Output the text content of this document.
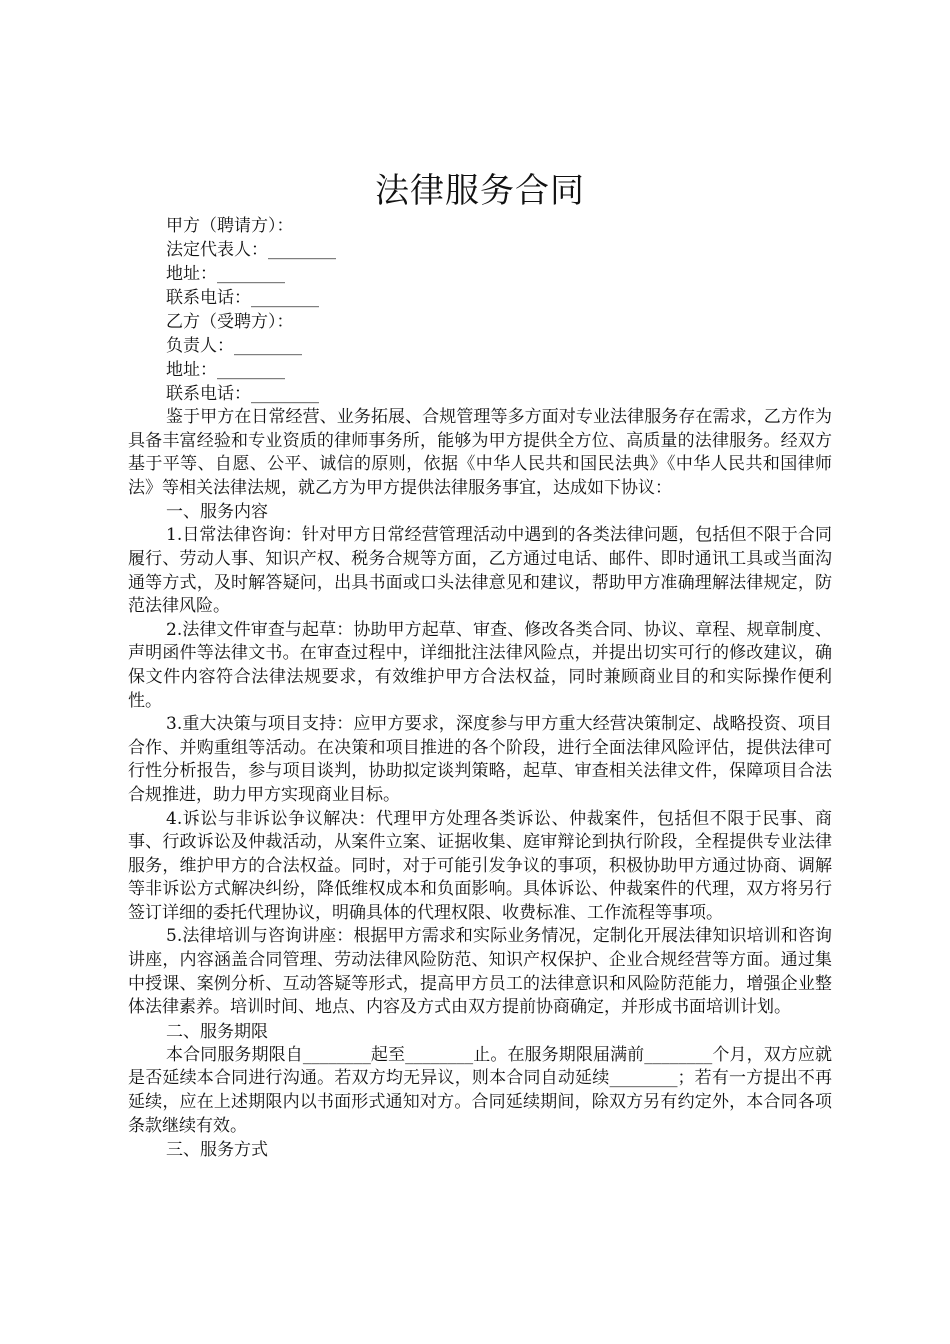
法律服务合同
甲方（聘请方）：
法定代表人：________
地址：________
联系电话：________
乙方（受聘方）：
负责人：________
地址：________
联系电话：________

鉴于甲方在日常经营、业务拓展、合规管理等多方面对专业法律服务存在需求，乙方作为具备丰富经验和专业资质的律师事务所，能够为甲方提供全方位、高质量的法律服务。经双方基于平等、自愿、公平、诚信的原则，依据《中华人民共和国民法典》《中华人民共和国律师法》等相关法律法规，就乙方为甲方提供法律服务事宜，达成如下协议：

一、服务内容

1.日常法律咨询：针对甲方日常经营管理活动中遇到的各类法律问题，包括但不限于合同履行、劳动人事、知识产权、税务合规等方面，乙方通过电话、邮件、即时通讯工具或当面沟通等方式，及时解答疑问，出具书面或口头法律意见和建议，帮助甲方准确理解法律规定，防范法律风险。

2.法律文件审查与起草：协助甲方起草、审查、修改各类合同、协议、章程、规章制度、声明函件等法律文书。在审查过程中，详细批注法律风险点，并提出切实可行的修改建议，确保文件内容符合法律法规要求，有效维护甲方合法权益，同时兼顾商业目的和实际操作便利性。

3.重大决策与项目支持：应甲方要求，深度参与甲方重大经营决策制定、战略投资、项目合作、并购重组等活动。在决策和项目推进的各个阶段，进行全面法律风险评估，提供法律可行性分析报告，参与项目谈判，协助拟定谈判策略，起草、审查相关法律文件，保障项目合法合规推进，助力甲方实现商业目标。

4.诉讼与非诉讼争议解决：代理甲方处理各类诉讼、仲裁案件，包括但不限于民事、商事、行政诉讼及仲裁活动，从案件立案、证据收集、庭审辩论到执行阶段，全程提供专业法律服务，维护甲方的合法权益。同时，对于可能引发争议的事项，积极协助甲方通过协商、调解等非诉讼方式解决纠纷，降低维权成本和负面影响。具体诉讼、仲裁案件的代理，双方将另行签订详细的委托代理协议，明确具体的代理权限、收费标准、工作流程等事项。

5.法律培训与咨询讲座：根据甲方需求和实际业务情况，定制化开展法律知识培训和咨询讲座，内容涵盖合同管理、劳动法律风险防范、知识产权保护、企业合规经营等方面。通过集中授课、案例分析、互动答疑等形式，提高甲方员工的法律意识和风险防范能力，增强企业整体法律素养。培训时间、地点、内容及方式由双方提前协商确定，并形成书面培训计划。

二、服务期限

本合同服务期限自________起至________止。在服务期限届满前________个月，双方应就是否延续本合同进行沟通。若双方均无异议，则本合同自动延续________；若有一方提出不再延续，应在上述期限内以书面形式通知对方。合同延续期间，除双方另有约定外，本合同各项条款继续有效。

三、服务方式
